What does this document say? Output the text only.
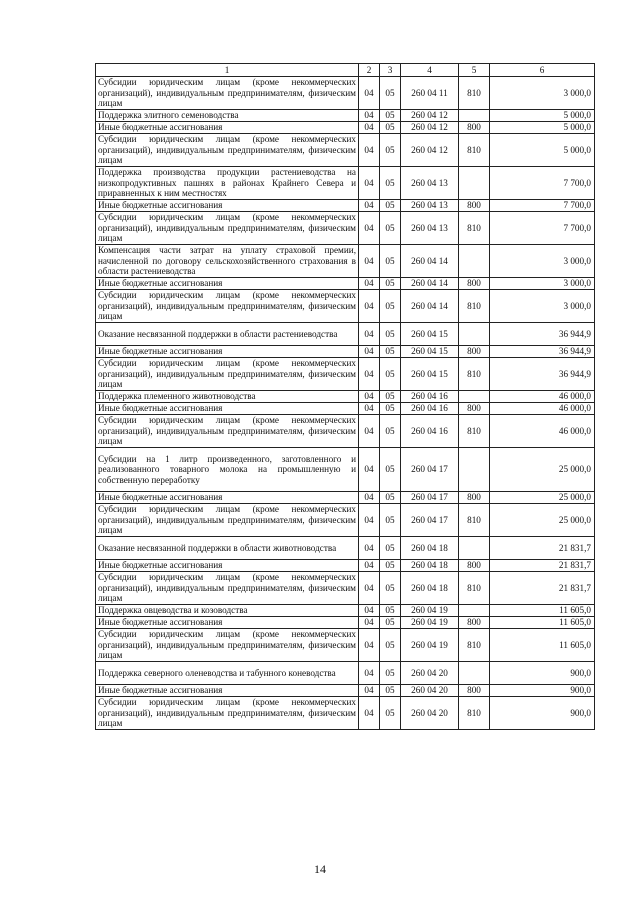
1	2	3	4	5	6
Субсидии юридическим лицам (кроме некоммерческих организаций), индивидуальным предпринимателям, физическим лицам	04	05	260 04 11	810	3 000,0
Поддержка элитного семеноводства	04	05	260 04 12		5 000,0
Иные бюджетные ассигнования	04	05	260 04 12	800	5 000,0
Субсидии юридическим лицам (кроме некоммерческих организаций), индивидуальным предпринимателям, физическим лицам	04	05	260 04 12	810	5 000,0
Поддержка производства продукции растениеводства на низкопродуктивных пашнях в районах Крайнего Севера и приравненных к ним местностях	04	05	260 04 13		7 700,0
Иные бюджетные ассигнования	04	05	260 04 13	800	7 700,0
Субсидии юридическим лицам (кроме некоммерческих организаций), индивидуальным предпринимателям, физическим лицам	04	05	260 04 13	810	7 700,0
Компенсация части затрат на уплату страховой премии, начисленной по договору сельскохозяйственного страхования в области растениеводства	04	05	260 04 14		3 000,0
Иные бюджетные ассигнования	04	05	260 04 14	800	3 000,0
Субсидии юридическим лицам (кроме некоммерческих организаций), индивидуальным предпринимателям, физическим лицам	04	05	260 04 14	810	3 000,0
Оказание несвязанной поддержки в области растениеводства	04	05	260 04 15		36 944,9
Иные бюджетные ассигнования	04	05	260 04 15	800	36 944,9
Субсидии юридическим лицам (кроме некоммерческих организаций), индивидуальным предпринимателям, физическим лицам	04	05	260 04 15	810	36 944,9
Поддержка племенного животноводства	04	05	260 04 16		46 000,0
Иные бюджетные ассигнования	04	05	260 04 16	800	46 000,0
Субсидии юридическим лицам (кроме некоммерческих организаций), индивидуальным предпринимателям, физическим лицам	04	05	260 04 16	810	46 000,0
Субсидии на 1 литр произведенного, заготовленного и реализованного товарного молока на промышленную и собственную переработку	04	05	260 04 17		25 000,0
Иные бюджетные ассигнования	04	05	260 04 17	800	25 000,0
Субсидии юридическим лицам (кроме некоммерческих организаций), индивидуальным предпринимателям, физическим лицам	04	05	260 04 17	810	25 000,0
Оказание несвязанной поддержки в области животноводства	04	05	260 04 18		21 831,7
Иные бюджетные ассигнования	04	05	260 04 18	800	21 831,7
Субсидии юридическим лицам (кроме некоммерческих организаций), индивидуальным предпринимателям, физическим лицам	04	05	260 04 18	810	21 831,7
Поддержка овцеводства и козоводства	04	05	260 04 19		11 605,0
Иные бюджетные ассигнования	04	05	260 04 19	800	11 605,0
Субсидии юридическим лицам (кроме некоммерческих организаций), индивидуальным предпринимателям, физическим лицам	04	05	260 04 19	810	11 605,0
Поддержка северного оленеводства и табунного коневодства	04	05	260 04 20		900,0
Иные бюджетные ассигнования	04	05	260 04 20	800	900,0
Субсидии юридическим лицам (кроме некоммерческих организаций), индивидуальным предпринимателям, физическим лицам	04	05	260 04 20	810	900,0
14
